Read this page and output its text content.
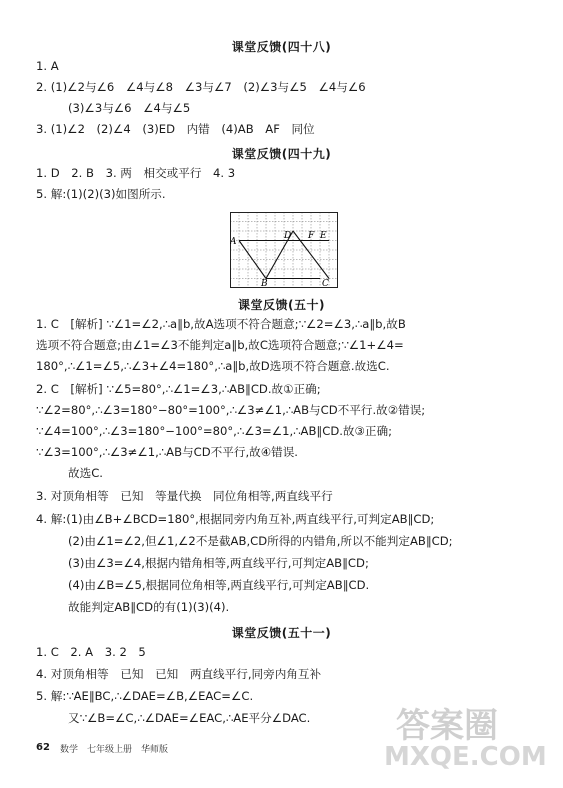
课堂反馈(四十八)
1. A
2. (1)∠2与∠6　∠4与∠8　∠3与∠7　(2)∠3与∠5　∠4与∠6
(3)∠3与∠6　∠4与∠5
3. (1)∠2　(2)∠4　(3)ED　内错　(4)AB　AF　同位
课堂反馈(四十九)
1. D　2. B　3. 两　相交或平行　4. 3
5. 解:(1)(2)(3)如图所示.
A
B	C
D F E
课堂反馈(五十)
1. C　[解析] ∵∠1=∠2,∴a∥b,故A选项不符合题意;∵∠2=∠3,∴a∥b,故B
选项不符合题意;由∠1=∠3不能判定a∥b,故C选项符合题意;∵∠1+∠4=
180°,∴∠1=∠5,∴∠3+∠4=180°,∴a∥b,故D选项不符合题意.故选C.
2. C　[解析] ∵∠5=80°,∴∠1=∠3,∴AB∥CD.故①正确;
∵∠2=80°,∴∠3=180°−80°=100°,∴∠3≠∠1,∴AB与CD不平行.故②错误;
∵∠4=100°,∴∠3=180°−100°=80°,∴∠3=∠1,∴AB∥CD.故③正确;
∵∠3=100°,∴∠3≠∠1,∴AB与CD不平行,故④错误.
故选C.
3. 对顶角相等　已知　等量代换　同位角相等,两直线平行
4. 解:(1)由∠B+∠BCD=180°,根据同旁内角互补,两直线平行,可判定AB∥CD;
(2)由∠1=∠2,但∠1,∠2不是截AB,CD所得的内错角,所以不能判定AB∥CD;
(3)由∠3=∠4,根据内错角相等,两直线平行,可判定AB∥CD;
(4)由∠B=∠5,根据同位角相等,两直线平行,可判定AB∥CD.
故能判定AB∥CD的有(1)(3)(4).
课堂反馈(五十一)
1. C　2. A　3. 2　5
4. 对顶角相等　已知　已知　两直线平行,同旁内角互补
5. 解:∵AE∥BC,∴∠DAE=∠B,∠EAC=∠C.
又∵∠B=∠C,∴∠DAE=∠EAC,∴AE平分∠DAC.
62 数学　七年级上册　华师版
答案圈
MXQE.COM
